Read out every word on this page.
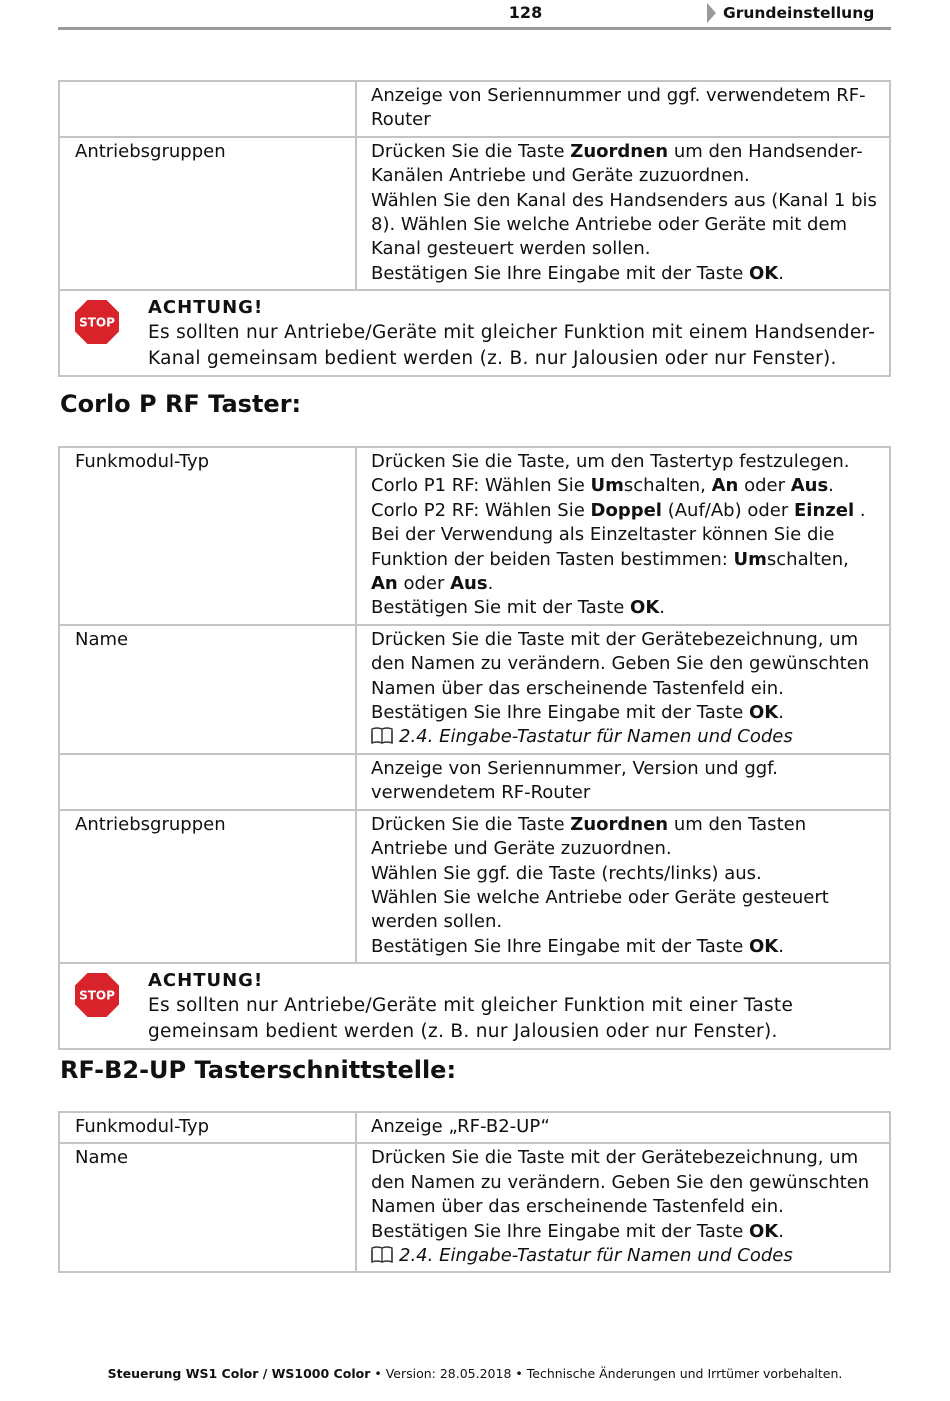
128	Grundeinstellung
	Anzeige von Seriennummer und ggf. verwendetem RF-Router
Antriebsgruppen	Drücken Sie die Taste Zuordnen um den Handsender-Kanälen Antriebe und Geräte zuzuordnen.
Wählen Sie den Kanal des Handsenders aus (Kanal 1 bis 8). Wählen Sie welche Antriebe oder Geräte mit dem Kanal gesteuert werden sollen.
Bestätigen Sie Ihre Eingabe mit der Taste OK.

STOP
ACHTUNG!
Es sollten nur Antriebe/Geräte mit gleicher Funktion mit einem Handsender-Kanal gemeinsam bedient werden (z. B. nur Jalousien oder nur Fenster).	
Corlo P RF Taster:
Funkmodul-Typ	Drücken Sie die Taste, um den Tastertyp festzulegen.
Corlo P1 RF: Wählen Sie Umschalten, An oder Aus.
Corlo P2 RF: Wählen Sie Doppel (Auf/Ab) oder Einzel .
Bei der Verwendung als Einzeltaster können Sie die Funktion der beiden Tasten bestimmen: Umschalten, An oder Aus.
Bestätigen Sie mit der Taste OK.
Name	Drücken Sie die Taste mit der Gerätebezeichnung, um den Namen zu verändern. Geben Sie den gewünschten Namen über das erscheinende Tastenfeld ein. Bestätigen Sie Ihre Eingabe mit der Taste OK.
2.4. Eingabe-Tastatur für Namen und Codes
	Anzeige von Seriennummer, Version und ggf. verwendetem RF-Router
Antriebsgruppen	Drücken Sie die Taste Zuordnen um den Tasten Antriebe und Geräte zuzuordnen.
Wählen Sie ggf. die Taste (rechts/links) aus.
Wählen Sie welche Antriebe oder Geräte gesteuert werden sollen.
Bestätigen Sie Ihre Eingabe mit der Taste OK.

STOP
ACHTUNG!
Es sollten nur Antriebe/Geräte mit gleicher Funktion mit einer Taste gemeinsam bedient werden (z. B. nur Jalousien oder nur Fenster).	
RF-B2-UP Tasterschnittstelle:
Funkmodul-Typ	Anzeige „RF-B2-UP“
Name	Drücken Sie die Taste mit der Gerätebezeichnung, um den Namen zu verändern. Geben Sie den gewünschten Namen über das erscheinende Tastenfeld ein. Bestätigen Sie Ihre Eingabe mit der Taste OK.
2.4. Eingabe-Tastatur für Namen und Codes
Steuerung WS1 Color / WS1000 Color • Version: 28.05.2018 • Technische Änderungen und Irrtümer vorbehalten.
